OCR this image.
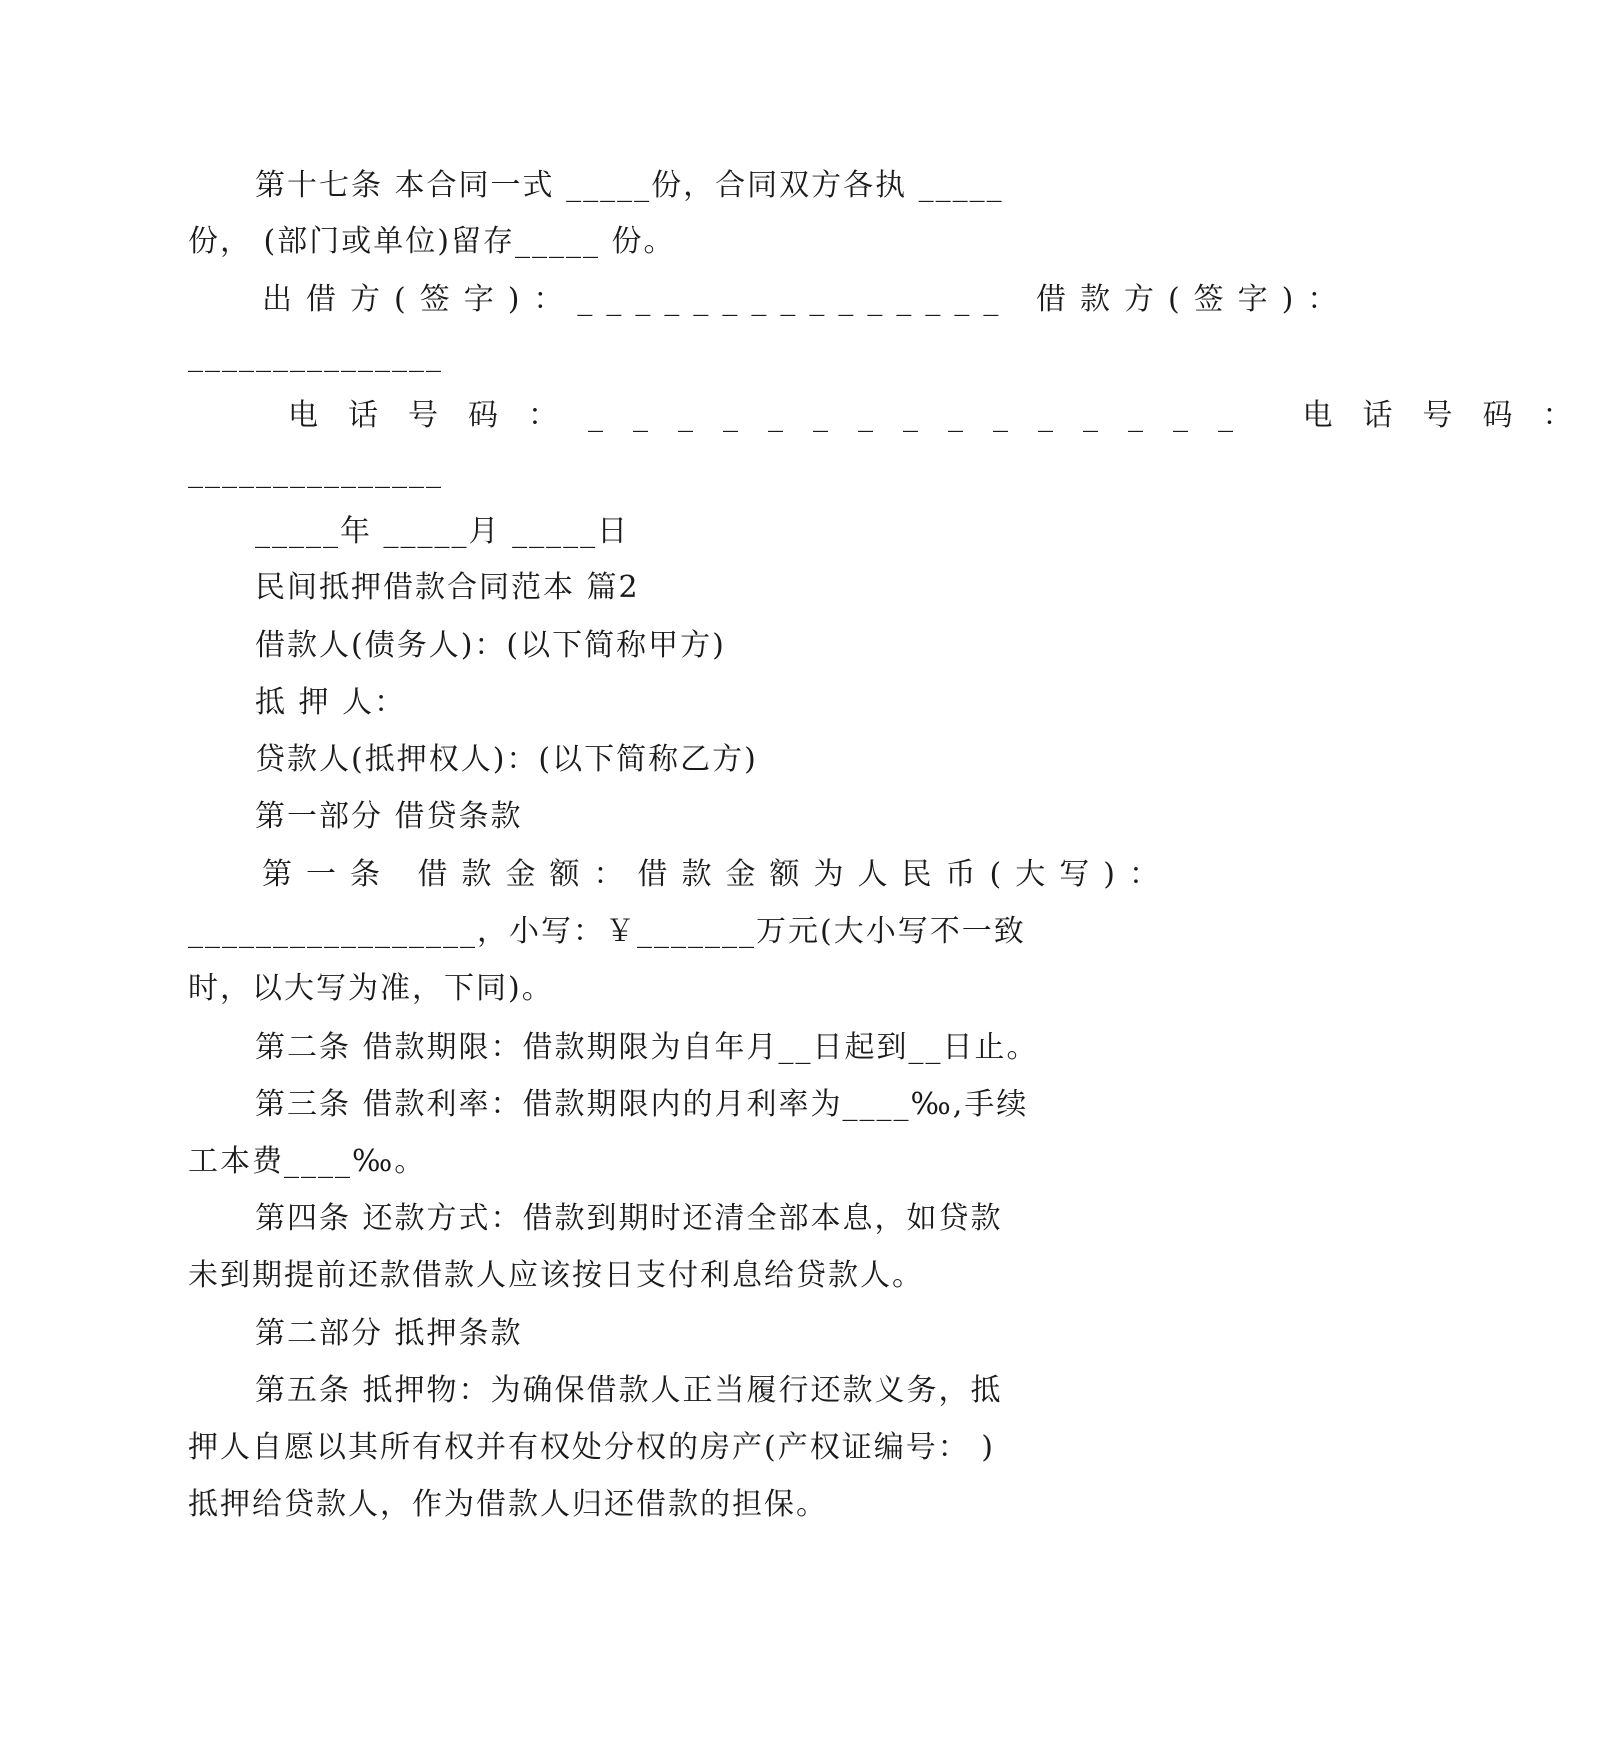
第十七条 本合同一式 _____份，合同双方各执 _____
份， (部门或单位)留存_____ 份。
出借方(签字)：_______________ 借款方(签字)：
_______________
电话号码：_______________ 电话号码：
_______________
_____年 _____月 _____日
民间抵押借款合同范本 篇2
借款人(债务人)：(以下简称甲方)
抵 押 人：
贷款人(抵押权人)：(以下简称乙方)
第一部分 借贷条款
第一条 借款金额：借款金额为人民币(大写)：
_________________，小写：￥_______万元(大小写不一致
时，以大写为准，下同)。
第二条 借款期限：借款期限为自年月__日起到__日止。
第三条 借款利率：借款期限内的月利率为____‰,手续
工本费____‰。
第四条 还款方式：借款到期时还清全部本息，如贷款
未到期提前还款借款人应该按日支付利息给贷款人。
第二部分 抵押条款
第五条 抵押物：为确保借款人正当履行还款义务，抵
押人自愿以其所有权并有权处分权的房产(产权证编号： )
抵押给贷款人，作为借款人归还借款的担保。
